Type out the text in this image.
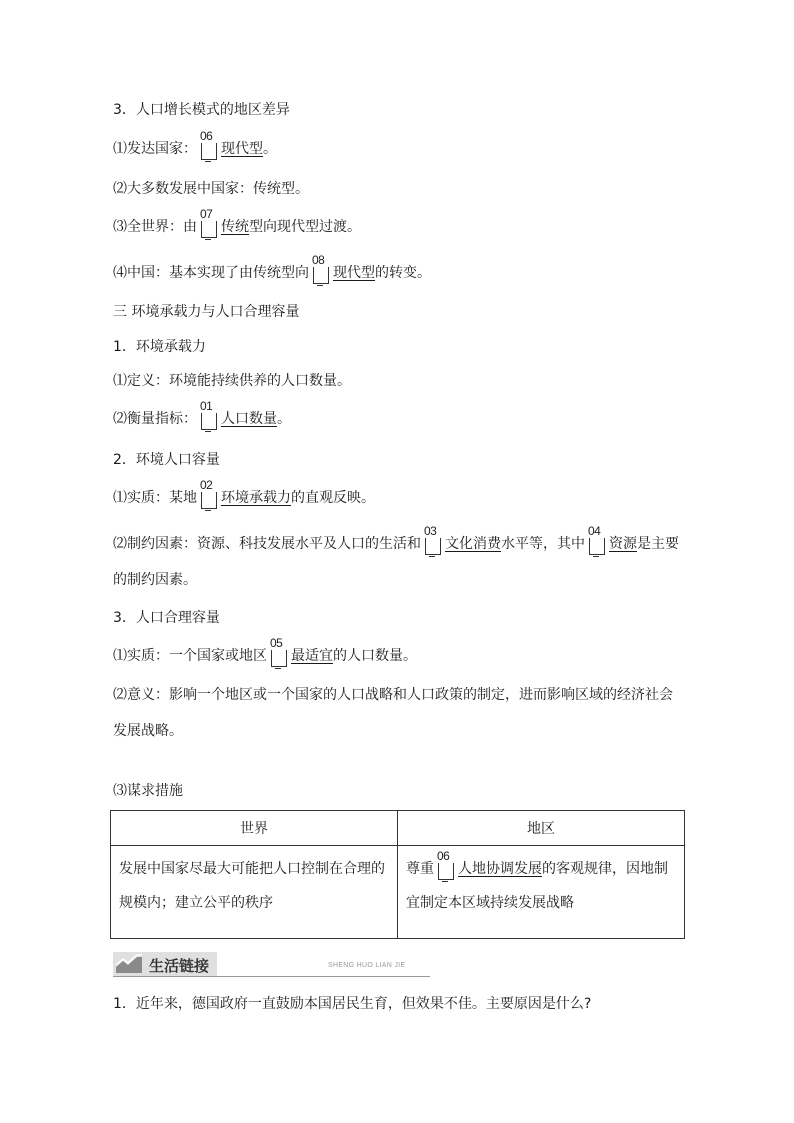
3．人口增长模式的地区差异
⑴发达国家：
06
现代型。
⑵大多数发展中国家：传统型。
⑶全世界：由
07
传统型向现代型过渡。
⑷中国：基本实现了由传统型向
08
现代型的转变。
三 环境承载力与人口合理容量
1．环境承载力
⑴定义：环境能持续供养的人口数量。
⑵衡量指标：
01
人口数量。
2．环境人口容量
⑴实质：某地
02
环境承载力的直观反映。
⑵制约因素：资源、科技发展水平及人口的生活和
03
文化消费水平等，其中
04
资源是主要的制约因素。
3．人口合理容量
⑴实质：一个国家或地区
05
最适宜的人口数量。
⑵意义：影响一个地区或一个国家的人口战略和人口政策的制定，进而影响区域的经济社会发展战略。
⑶谋求措施
世界	地区
发展中国家尽最大可能把人口控制在合理的规模内；建立公平的秩序	尊重
06
人地协调发展的客观规律，因地制宜制定本区域持续发展战略
生活链接	SHENG HUO LIAN JIE
1．近年来，德国政府一直鼓励本国居民生育，但效果不佳。主要原因是什么?
